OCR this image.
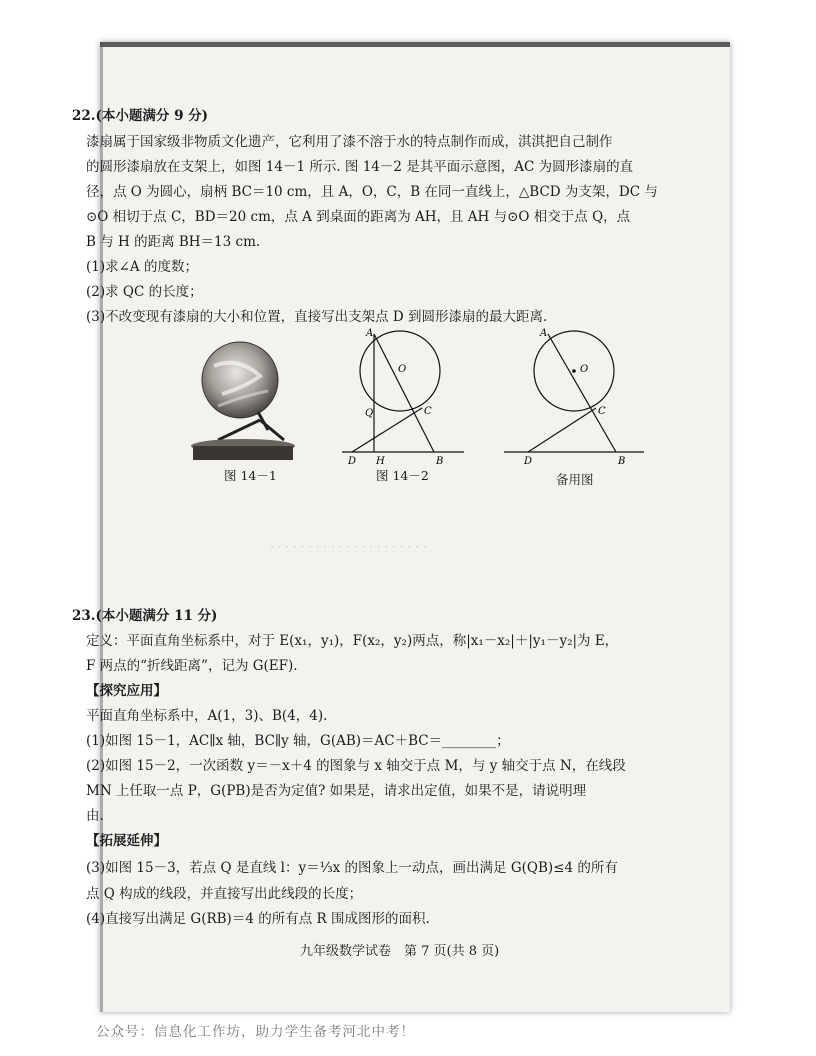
· · · · · · · · · · · · · · · · · · · · ·
22.(本小题满分 9 分)
漆扇属于国家级非物质文化遗产，它利用了漆不溶于水的特点制作而成，淇淇把自己制作
的圆形漆扇放在支架上，如图 14－1 所示. 图 14－2 是其平面示意图，AC 为圆形漆扇的直
径，点 O 为圆心，扇柄 BC＝10 cm，且 A，O，C，B 在同一直线上，△BCD 为支架，DC 与
⊙O 相切于点 C，BD＝20 cm，点 A 到桌面的距离为 AH，且 AH 与⊙O 相交于点 Q，点
B 与 H 的距离 BH＝13 cm.
(1)求∠A 的度数；
(2)求 QC 的长度；
(3)不改变现有漆扇的大小和位置，直接写出支架点 D 到圆形漆扇的最大距离.
A
O
Q	C
D H	B
A
O
C
D	B
图 14－1	图 14－2	备用图
23.(本小题满分 11 分)
定义：平面直角坐标系中，对于 E(x₁，y₁)，F(x₂，y₂)两点，称|x₁－x₂|＋|y₁－y₂|为 E，
F 两点的“折线距离”，记为 G(EF).
【探究应用】
平面直角坐标系中，A(1，3)、B(4，4).
(1)如图 15－1，AC∥x 轴，BC∥y 轴，G(AB)＝AC＋BC＝________；
(2)如图 15－2，一次函数 y＝－x＋4 的图象与 x 轴交于点 M，与 y 轴交于点 N，在线段
MN 上任取一点 P，G(PB)是否为定值? 如果是，请求出定值，如果不是，请说明理
由.
【拓展延伸】
(3)如图 15－3，若点 Q 是直线 l：y＝⅓x 的图象上一动点，画出满足 G(QB)≤4 的所有
点 Q 构成的线段，并直接写出此线段的长度；
(4)直接写出满足 G(RB)＝4 的所有点 R 围成图形的面积.
九年级数学试卷　第 7 页(共 8 页)
公众号：信息化工作坊，助力学生备考河北中考！
